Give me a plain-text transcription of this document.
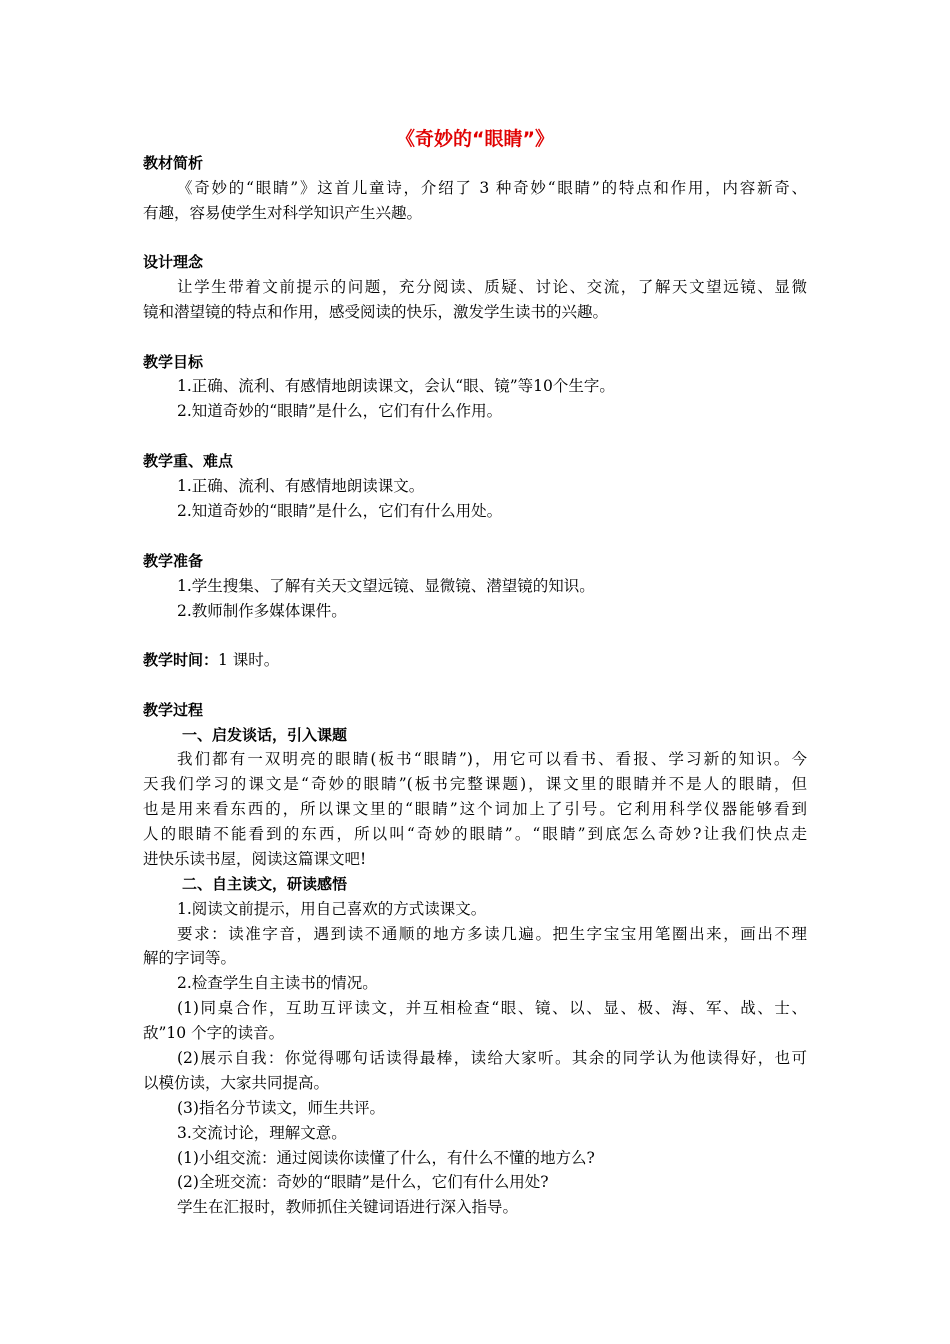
《奇妙的“眼睛”》
教材简析
《奇妙的“眼睛”》这首儿童诗，介绍了 3 种奇妙“眼睛”的特点和作用，内容新奇、
有趣，容易使学生对科学知识产生兴趣。
设计理念
让学生带着文前提示的问题，充分阅读、质疑、讨论、交流，了解天文望远镜、显微
镜和潜望镜的特点和作用，感受阅读的快乐，激发学生读书的兴趣。
教学目标
1.正确、流利、有感情地朗读课文，会认“眼、镜”等10个生字。
2.知道奇妙的“眼睛”是什么，它们有什么作用。
教学重、难点
1.正确、流利、有感情地朗读课文。
2.知道奇妙的“眼睛”是什么，它们有什么用处。
教学准备
1.学生搜集、了解有关天文望远镜、显微镜、潜望镜的知识。
2.教师制作多媒体课件。
教学时间：1 课时。
教学过程
一、启发谈话，引入课题
我们都有一双明亮的眼睛(板书“眼睛”)，用它可以看书、看报、学习新的知识。今
天我们学习的课文是“奇妙的眼睛”(板书完整课题)，课文里的眼睛并不是人的眼睛，但
也是用来看东西的，所以课文里的“眼睛”这个词加上了引号。它利用科学仪器能够看到
人的眼睛不能看到的东西，所以叫“奇妙的眼睛”。“眼睛”到底怎么奇妙?让我们快点走
进快乐读书屋，阅读这篇课文吧!
二、自主读文，研读感悟
1.阅读文前提示，用自己喜欢的方式读课文。
要求：读准字音，遇到读不通顺的地方多读几遍。把生字宝宝用笔圈出来，画出不理
解的字词等。
2.检查学生自主读书的情况。
(1)同桌合作，互助互评读文，并互相检查“眼、镜、以、显、极、海、军、战、士、
敌”10 个字的读音。
(2)展示自我：你觉得哪句话读得最棒，读给大家听。其余的同学认为他读得好，也可
以模仿读，大家共同提高。
(3)指名分节读文，师生共评。
3.交流讨论，理解文意。
(1)小组交流：通过阅读你读懂了什么，有什么不懂的地方么?
(2)全班交流：奇妙的“眼睛”是什么，它们有什么用处?
学生在汇报时，教师抓住关键词语进行深入指导。
